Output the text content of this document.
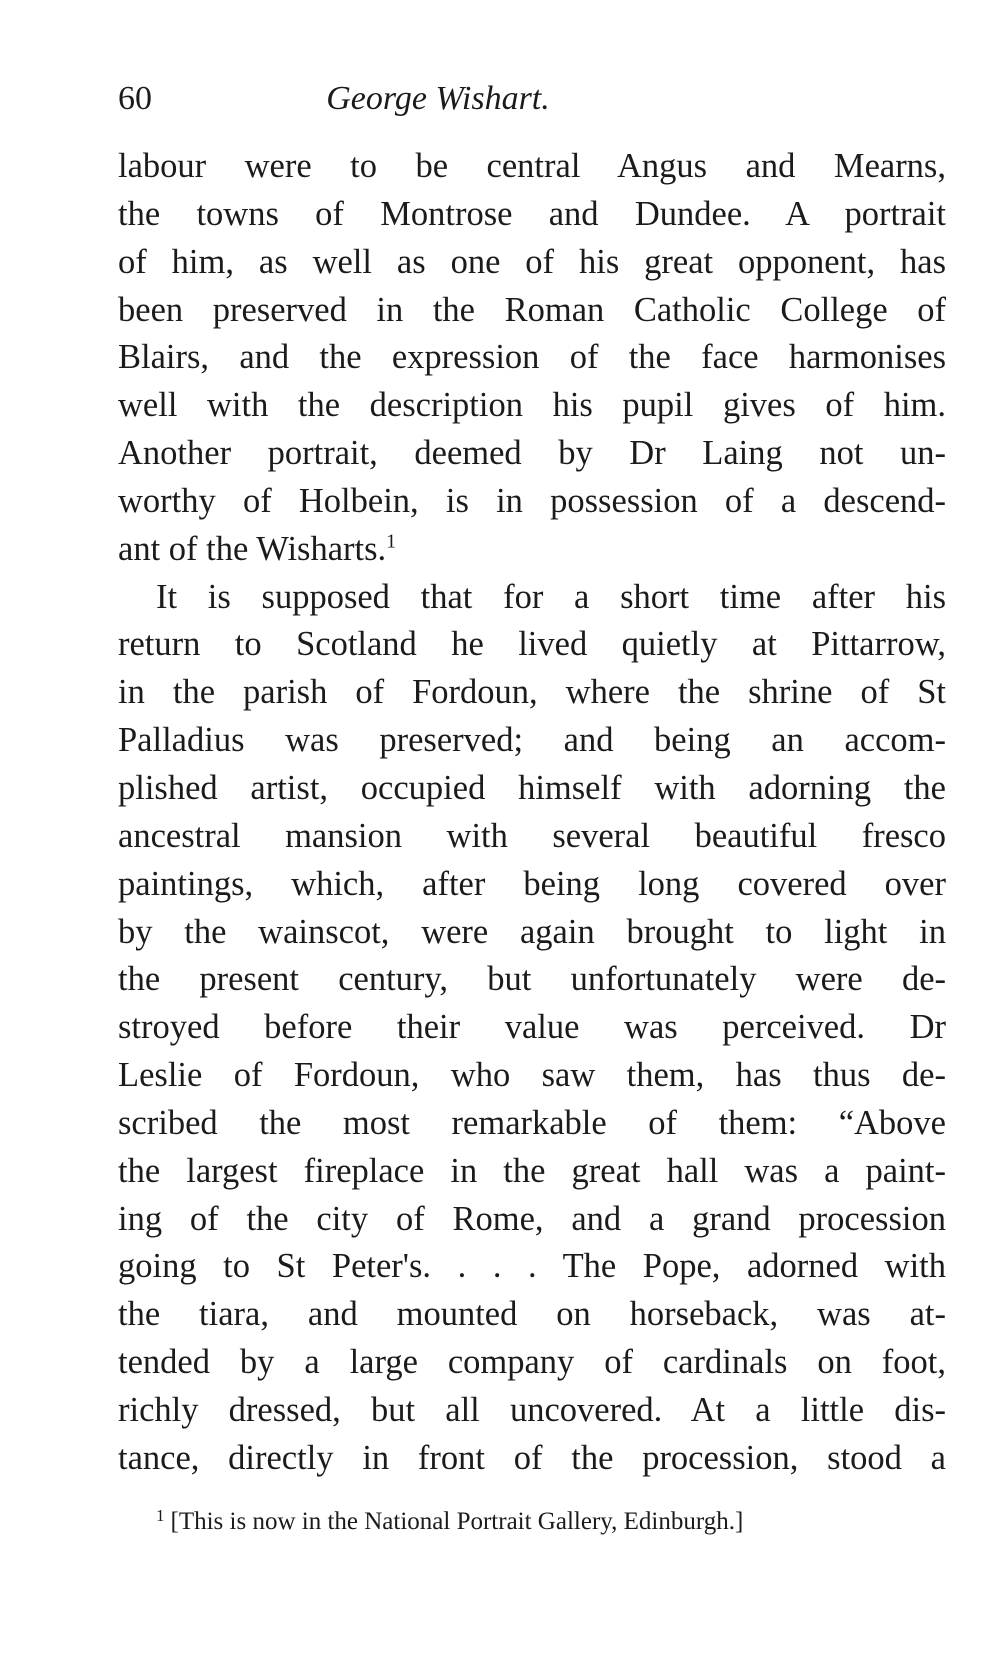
60	George Wishart.
labour were to be central Angus and Mearns,
the towns of Montrose and Dundee. A portrait
of him, as well as one of his great opponent, has
been preserved in the Roman Catholic College of
Blairs, and the expression of the face harmonises
well with the description his pupil gives of him.
Another portrait, deemed by Dr Laing not un-
worthy of Holbein, is in possession of a descend-
ant of the Wisharts.$^1$
It is supposed that for a short time after his
return to Scotland he lived quietly at Pittarrow,
in the parish of Fordoun, where the shrine of St
Palladius was preserved; and being an accom-
plished artist, occupied himself with adorning the
ancestral mansion with several beautiful fresco
paintings, which, after being long covered over
by the wainscot, were again brought to light in
the present century, but unfortunately were de-
stroyed before their value was perceived. Dr
Leslie of Fordoun, who saw them, has thus de-
scribed the most remarkable of them: “Above
the largest fireplace in the great hall was a paint-
ing of the city of Rome, and a grand procession
going to St Peter's. . . . The Pope, adorned with
the tiara, and mounted on horseback, was at-
tended by a large company of cardinals on foot,
richly dressed, but all uncovered. At a little dis-
tance, directly in front of the procession, stood a
1 [This is now in the National Portrait Gallery, Edinburgh.]
